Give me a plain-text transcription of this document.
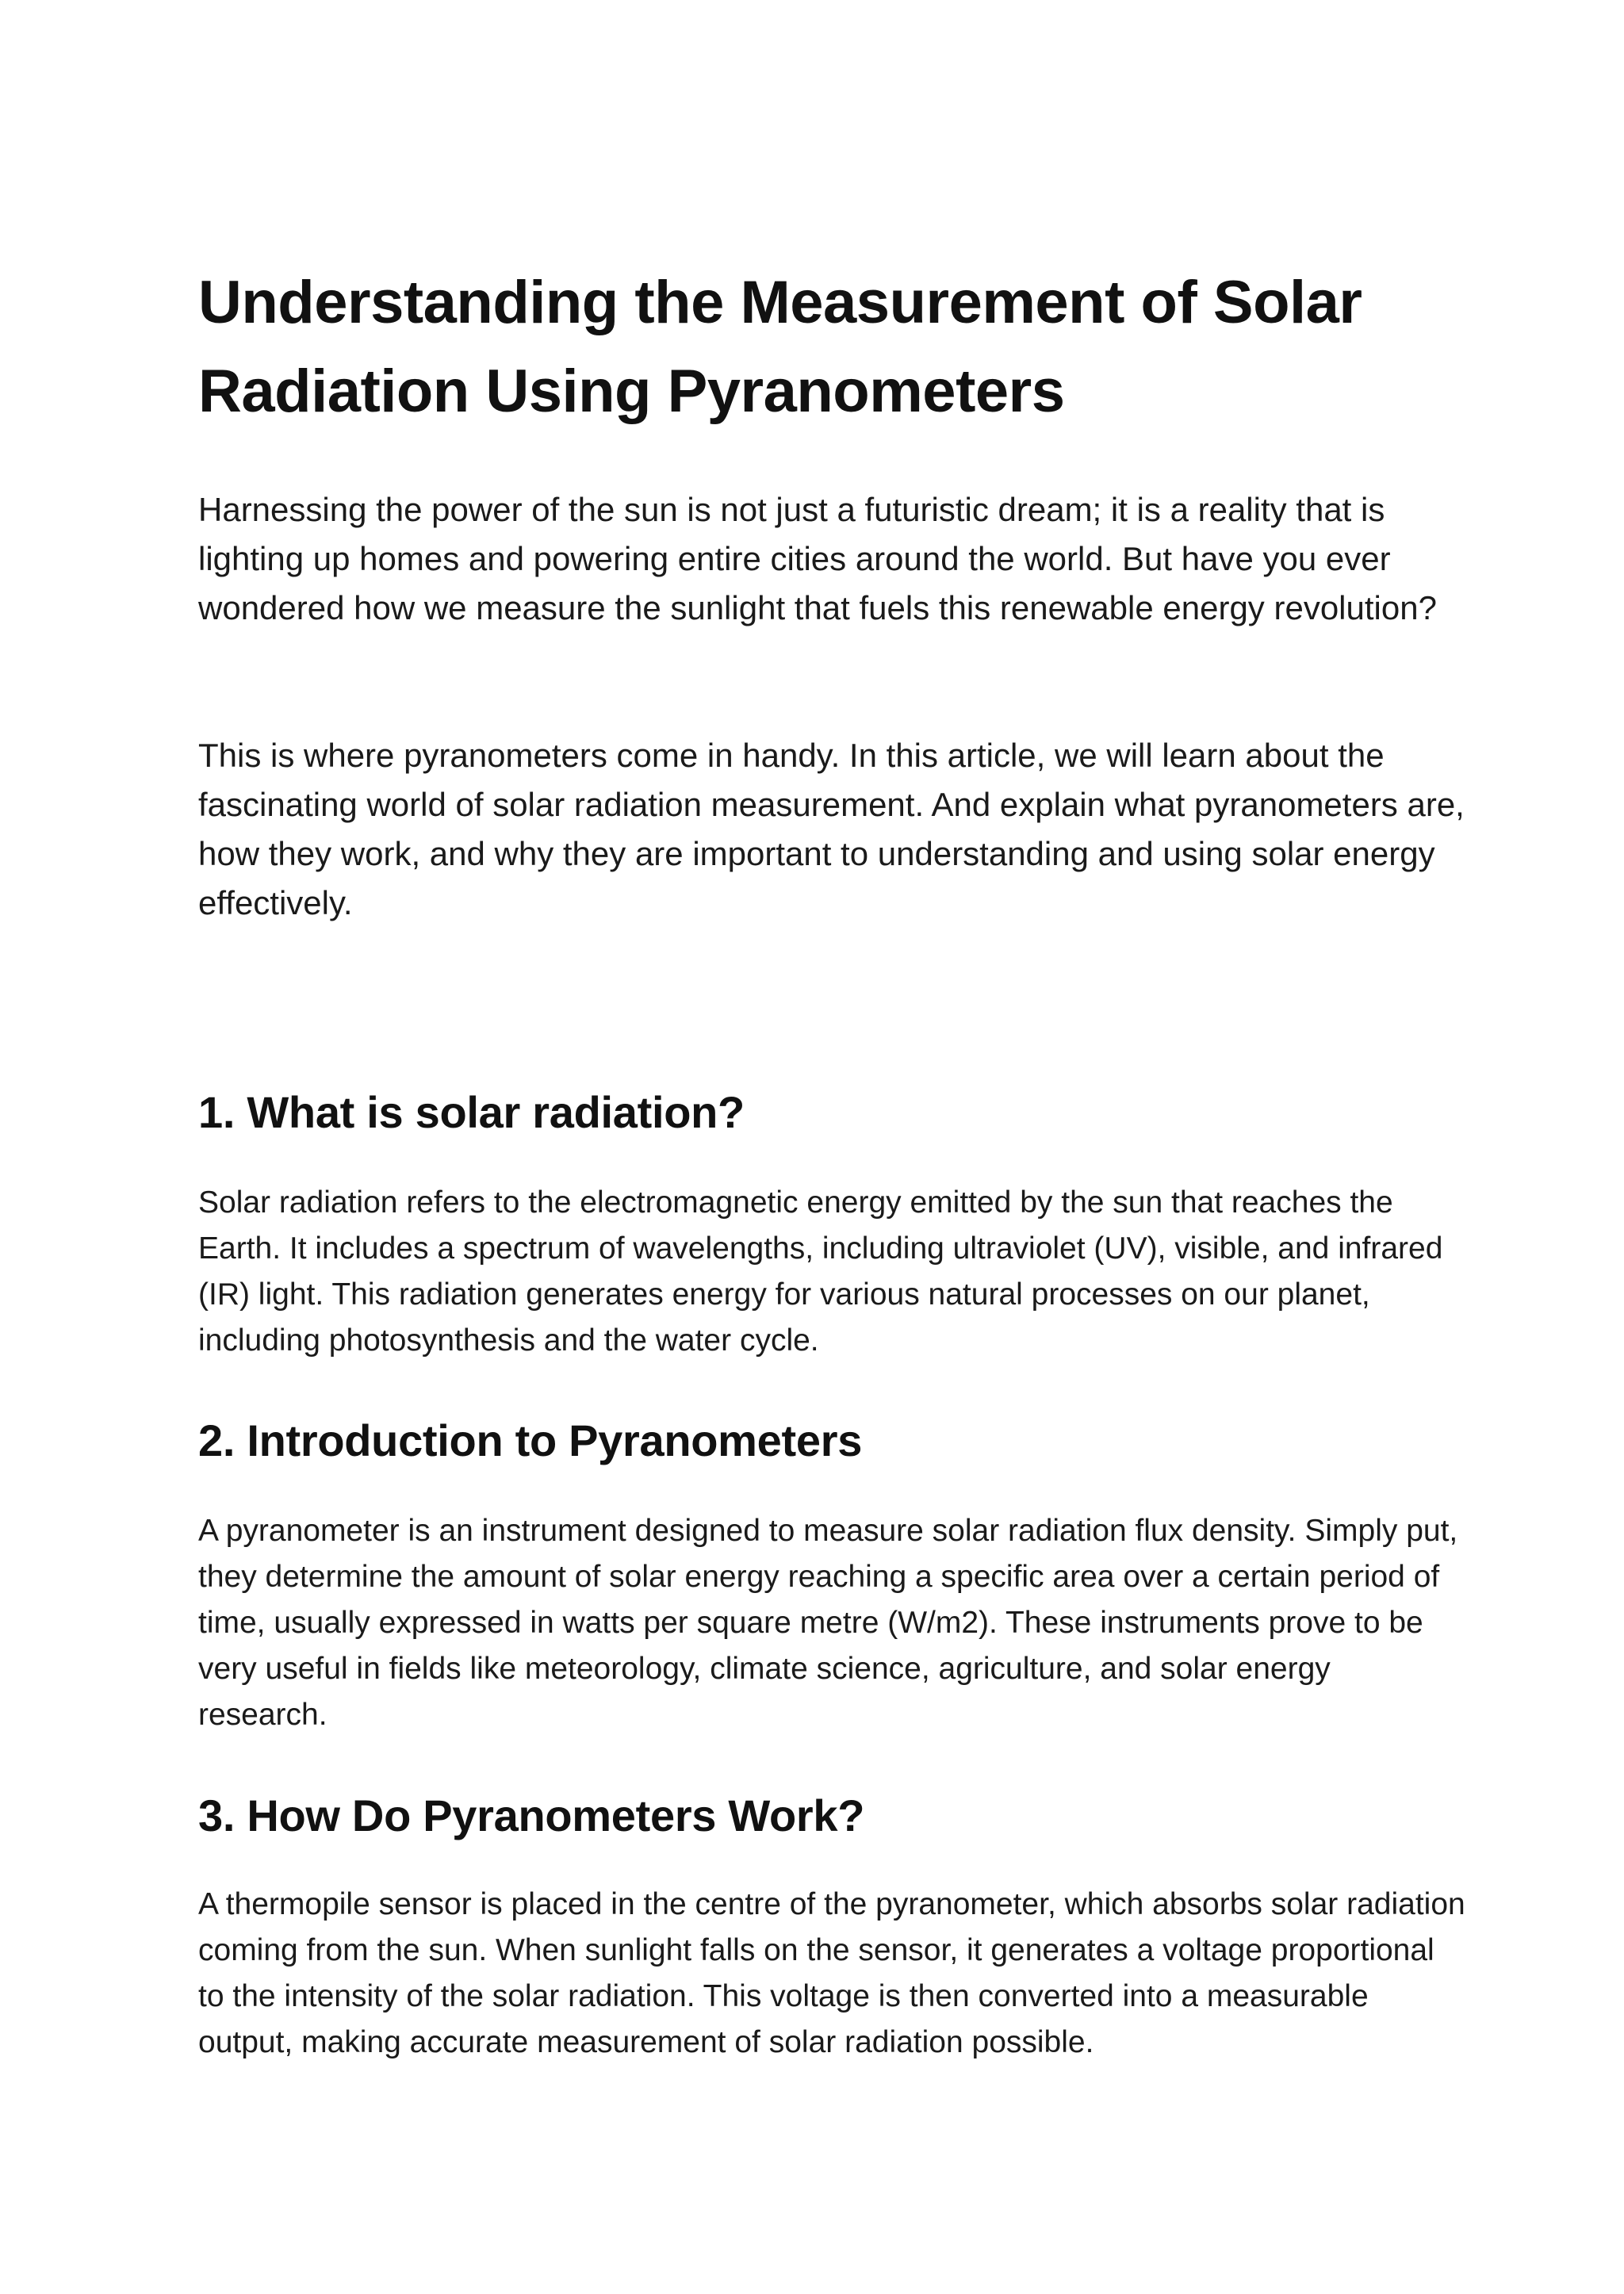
Understanding the Measurement of Solar Radiation Using Pyranometers

Harnessing the power of the sun is not just a futuristic dream; it is a reality that is lighting up homes and powering entire cities around the world. But have you ever wondered how we measure the sunlight that fuels this renewable energy revolution?

This is where pyranometers come in handy. In this article, we will learn about the fascinating world of solar radiation measurement. And explain what pyranometers are, how they work, and why they are important to understanding and using solar energy effectively.

1. What is solar radiation?

Solar radiation refers to the electromagnetic energy emitted by the sun that reaches the Earth. It includes a spectrum of wavelengths, including ultraviolet (UV), visible, and infrared (IR) light. This radiation generates energy for various natural processes on our planet, including photosynthesis and the water cycle.

2. Introduction to Pyranometers

A pyranometer is an instrument designed to measure solar radiation flux density. Simply put, they determine the amount of solar energy reaching a specific area over a certain period of time, usually expressed in watts per square metre (W/m2). These instruments prove to be very useful in fields like meteorology, climate science, agriculture, and solar energy research.

3. How Do Pyranometers Work?

A thermopile sensor is placed in the centre of the pyranometer, which absorbs solar radiation coming from the sun. When sunlight falls on the sensor, it generates a voltage proportional to the intensity of the solar radiation. This voltage is then converted into a measurable output, making accurate measurement of solar radiation possible.
